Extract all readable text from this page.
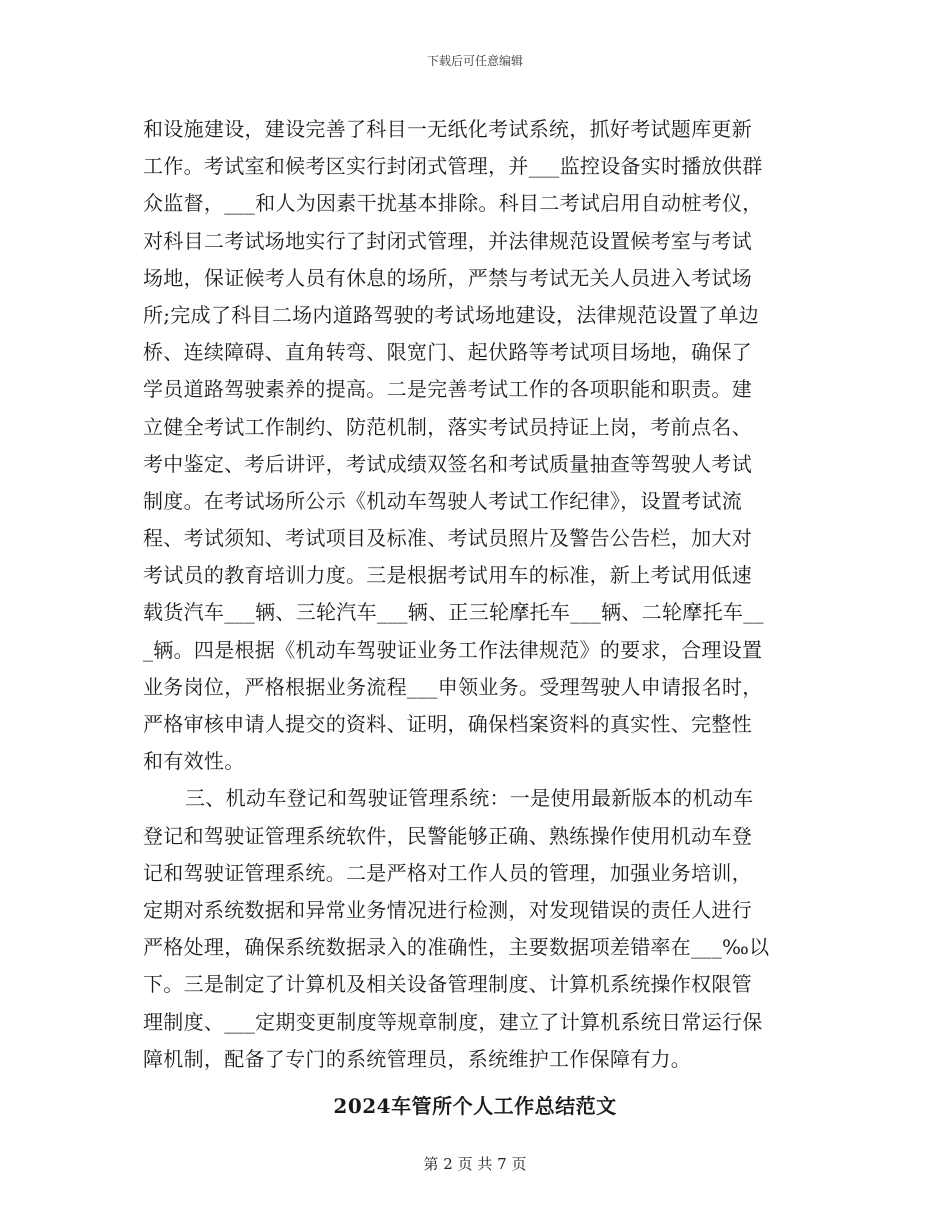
下载后可任意编辑
和设施建设，建设完善了科目一无纸化考试系统，抓好考试题库更新
工作。考试室和候考区实行封闭式管理，并___监控设备实时播放供群
众监督，___和人为因素干扰基本排除。科目二考试启用自动桩考仪，
对科目二考试场地实行了封闭式管理，并法律规范设置候考室与考试
场地，保证候考人员有休息的场所，严禁与考试无关人员进入考试场
所;完成了科目二场内道路驾驶的考试场地建设，法律规范设置了单边
桥、连续障碍、直角转弯、限宽门、起伏路等考试项目场地，确保了
学员道路驾驶素养的提高。二是完善考试工作的各项职能和职责。建
立健全考试工作制约、防范机制，落实考试员持证上岗，考前点名、
考中鉴定、考后讲评，考试成绩双签名和考试质量抽查等驾驶人考试
制度。在考试场所公示《机动车驾驶人考试工作纪律》，设置考试流
程、考试须知、考试项目及标准、考试员照片及警告公告栏，加大对
考试员的教育培训力度。三是根据考试用车的标准，新上考试用低速
载货汽车___辆、三轮汽车___辆、正三轮摩托车___辆、二轮摩托车__
_辆。四是根据《机动车驾驶证业务工作法律规范》的要求，合理设置
业务岗位，严格根据业务流程___申领业务。受理驾驶人申请报名时，
严格审核申请人提交的资料、证明，确保档案资料的真实性、完整性
和有效性。
三、机动车登记和驾驶证管理系统：一是使用最新版本的机动车
登记和驾驶证管理系统软件，民警能够正确、熟练操作使用机动车登
记和驾驶证管理系统。二是严格对工作人员的管理，加强业务培训，
定期对系统数据和异常业务情况进行检测，对发现错误的责任人进行
严格处理，确保系统数据录入的准确性，主要数据项差错率在___‰以
下。三是制定了计算机及相关设备管理制度、计算机系统操作权限管
理制度、___定期变更制度等规章制度，建立了计算机系统日常运行保
障机制，配备了专门的系统管理员，系统维护工作保障有力。
2024车管所个人工作总结范文
第 2 页 共 7 页
